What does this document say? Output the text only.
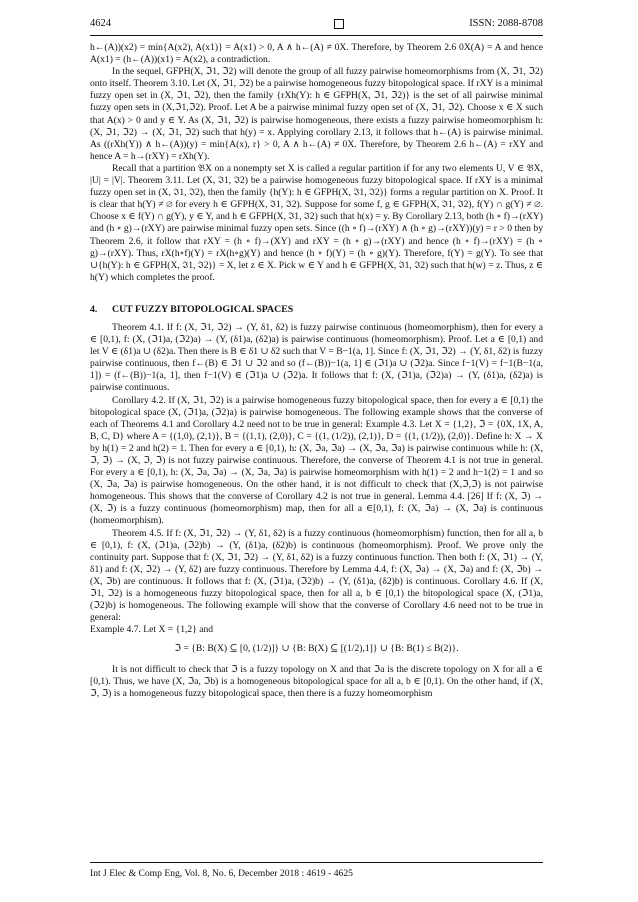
4624	ISSN: 2088-8708

h←(A))(x2) = min{A(x2), A(x1)} = A(x1) > 0, A ∧ h←(A) ≠ 0X. Therefore, by Theorem 2.6 0X(A) = A and hence A(x1) = (h←(A))(x1) = A(x2), a contradiction.

In the sequel, GFPH(X, ℑ1, ℑ2) will denote the group of all fuzzy pairwise homeomorphisms from (X, ℑ1, ℑ2) onto itself. Theorem 3.10. Let (X, ℑ1, ℑ2) be a pairwise homogeneous fuzzy bitopological space. If rXY is a minimal fuzzy open set in (X, ℑ1, ℑ2), then the family {rXh(Y): h ∈ GFPH(X, ℑ1, ℑ2)} is the set of all pairwise minimal fuzzy open sets in (X,ℑ1,ℑ2). Proof. Let A be a pairwise minimal fuzzy open set of (X, ℑ1, ℑ2). Choose x ∈ X such that A(x) > 0 and y ∈ Y. As (X, ℑ1, ℑ2) is pairwise homogeneous, there exists a fuzzy pairwise homeomorphism h: (X, ℑ1, ℑ2) → (X, ℑ1, ℑ2) such that h(y) = x. Applying corollary 2.13, it follows that h←(A) is pairwise minimal. As ((rXh(Y)) ∧ h←(A))(y) = min{A(x), r} > 0, A ∧ h←(A) ≠ 0X. Therefore, by Theorem 2.6 h←(A) = rXY and hence A = h→(rXY) = rXh(Y).

Recall that a partition 𝔅X on a nonempty set X is called a regular partition if for any two elements U, V ∈ 𝔅X, |U| = |V|. Theorem 3.11. Let (X, ℑ1, ℑ2) be a pairwise homogeneous fuzzy bitopological space. If rXY is a minimal fuzzy open set in (X, ℑ1, ℑ2), then the family {h(Y): h ∈ GFPH(X, ℑ1, ℑ2)} forms a regular partition on X. Proof. It is clear that h(Y) ≠ ∅ for every h ∈ GFPH(X, ℑ1, ℑ2). Suppose for some f, g ∈ GFPH(X, ℑ1, ℑ2), f(Y) ∩ g(Y) ≠ ∅. Choose x ∈ f(Y) ∩ g(Y), y ∈ Y, and h ∈ GFPH(X, ℑ1, ℑ2) such that h(x) = y. By Corollary 2.13, both (h ∘ f)→(rXY) and (h ∘ g)→(rXY) are pairwise minimal fuzzy open sets. Since ((h ∘ f)→(rXY) ∧ (h ∘ g)→(rXY))(y) = r > 0 then by Theorem 2.6, it follow that rXY = (h ∘ f)→(XY) and rXY = (h ∘ g)→(rXY) and hence (h ∘ f)→(rXY) = (h ∘ g)→(rXY). Thus, rX(h∘f)(Y) = rX(h∘g)(Y) and hence (h ∘ f)(Y) = (h ∘ g)(Y). Therefore, f(Y) = g(Y). To see that ∪{h(Y): h ∈ GFPH(X, ℑ1, ℑ2)} = X, let z ∈ X. Pick w ∈ Y and h ∈ GFPH(X, ℑ1, ℑ2) such that h(w) = z. Thus, z ∈ h(Y) which completes the proof.

4. CUT FUZZY BITOPOLOGICAL SPACES

Theorem 4.1. If f: (X, ℑ1, ℑ2) → (Y, δ1, δ2) is fuzzy pairwise continuous (homeomorphism), then for every a ∈ [0,1), f: (X, (ℑ1)a, (ℑ2)a) → (Y, (δ1)a, (δ2)a) is pairwise continuous (homeomorphism). Proof. Let a ∈ [0,1) and let V ∈ (δ1)a ∪ (δ2)a. Then there is B ∈ δ1 ∪ δ2 such that V = B−1(a, 1]. Since f: (X, ℑ1, ℑ2) → (Y, δ1, δ2) is fuzzy pairwise continuous, then f←(B) ∈ ℑ1 ∪ ℑ2 and so (f←(B))−1(a, 1] ∈ (ℑ1)a ∪ (ℑ2)a. Since f−1(V) = f−1(B−1(a, 1]) = (f←(B))−1(a, 1], then f−1(V) ∈ (ℑ1)a ∪ (ℑ2)a. It follows that f: (X, (ℑ1)a, (ℑ2)a) → (Y, (δ1)a, (δ2)a) is pairwise continuous.

Corollary 4.2. If (X, ℑ1, ℑ2) is a pairwise homogeneous fuzzy bitopological space, then for every a ∈ [0,1) the bitopological space (X, (ℑ1)a, (ℑ2)a) is pairwise homogeneous. The following example shows that the converse of each of Theorems 4.1 and Corollary 4.2 need not to be true in general: Example 4.3. Let X = {1,2}, ℑ = {0X, 1X, A, B, C, D} where A = {(1,0), (2,1)}, B = {(1,1), (2,0)}, C = {(1, (1/2)), (2,1)}, D = {(1, (1/2)), (2,0)}. Define h: X → X by h(1) = 2 and h(2) = 1. Then for every a ∈ [0,1), h: (X, ℑa, ℑa) → (X, ℑa, ℑa) is pairwise continuous while h: (X, ℑ, ℑ) → (X, ℑ, ℑ) is not fuzzy pairwise continuous. Therefore, the converse of Theorem 4.1 is not true in general. For every a ∈ [0,1), h: (X, ℑa, ℑa) → (X, ℑa, ℑa) is pairwise homeomorphism with h(1) = 2 and h−1(2) = 1 and so (X, ℑa, ℑa) is pairwise homogeneous. On the other hand, it is not difficult to check that (X,ℑ,ℑ) is not pairwise homogeneous. This shows that the converse of Corollary 4.2 is not true in general. Lemma 4.4. [26] If f: (X, ℑ) → (X, ℑ) is a fuzzy continuous (homeomorphism) map, then for all a ∈[0,1), f: (X, ℑa) → (X, ℑa) is continuous (homeomorphism).

Theorem 4.5. If f: (X, ℑ1, ℑ2) → (Y, δ1, δ2) is a fuzzy continuous (homeomorphism) function, then for all a, b ∈ [0,1), f: (X, (ℑ1)a, (ℑ2)b) → (Y, (δ1)a, (δ2)b) is continuous (homeomorphism). Proof. We prove only the continuity part. Suppose that f: (X, ℑ1, ℑ2) → (Y, δ1, δ2) is a fuzzy continuous function. Then both f: (X, ℑ1) → (Y, δ1) and f: (X, ℑ2) → (Y, δ2) are fuzzy continuous. Therefore by Lemma 4.4, f: (X, ℑa) → (X, ℑa) and f: (X, ℑb) → (X, ℑb) are continuous. It follows that f: (X, (ℑ1)a, (ℑ2)b) → (Y, (δ1)a, (δ2)b) is continuous. Corollary 4.6. If (X, ℑ1, ℑ2) is a homogeneous fuzzy bitopological space, then for all a, b ∈ [0,1) the bitopological space (X, (ℑ1)a, (ℑ2)b) is homogeneous. The following example will show that the converse of Corollary 4.6 need not to be true in general:

Example 4.7. Let X = {1,2} and

ℑ = {B: B(X) ⊆ [0, (1/2)]} ∪ {B: B(X) ⊆ [(1/2),1]} ∪ {B: B(1) ≤ B(2)}.

It is not difficult to check that ℑ is a fuzzy topology on X and that ℑa is the discrete topology on X for all a ∈ [0,1). Thus, we have (X, ℑa, ℑb) is a homogeneous bitopological space for all a, b ∈ [0,1). On the other hand, if (X, ℑ, ℑ) is a homogeneous fuzzy bitopological space, then there is a fuzzy homeomorphism

Int J Elec & Comp Eng, Vol. 8, No. 6, December 2018 : 4619 - 4625
